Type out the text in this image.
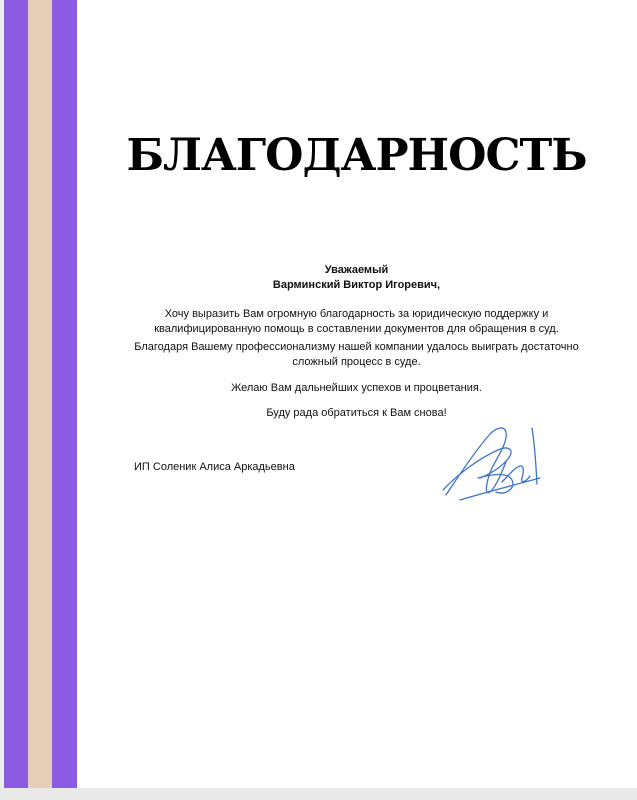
БЛАГОДАРНОСТЬ
Уважаемый
Варминский Виктор Игоревич,
Хочу выразить Вам огромную благодарность за юридическую поддержку и
квалифицированную помощь в составлении документов для обращения в суд.
Благодаря Вашему профессионализму нашей компании удалось выиграть достаточно
сложный процесс в суде.
Желаю Вам дальнейших успехов и процветания.
Буду рада обратиться к Вам снова!
ИП Соленик Алиса Аркадьевна
